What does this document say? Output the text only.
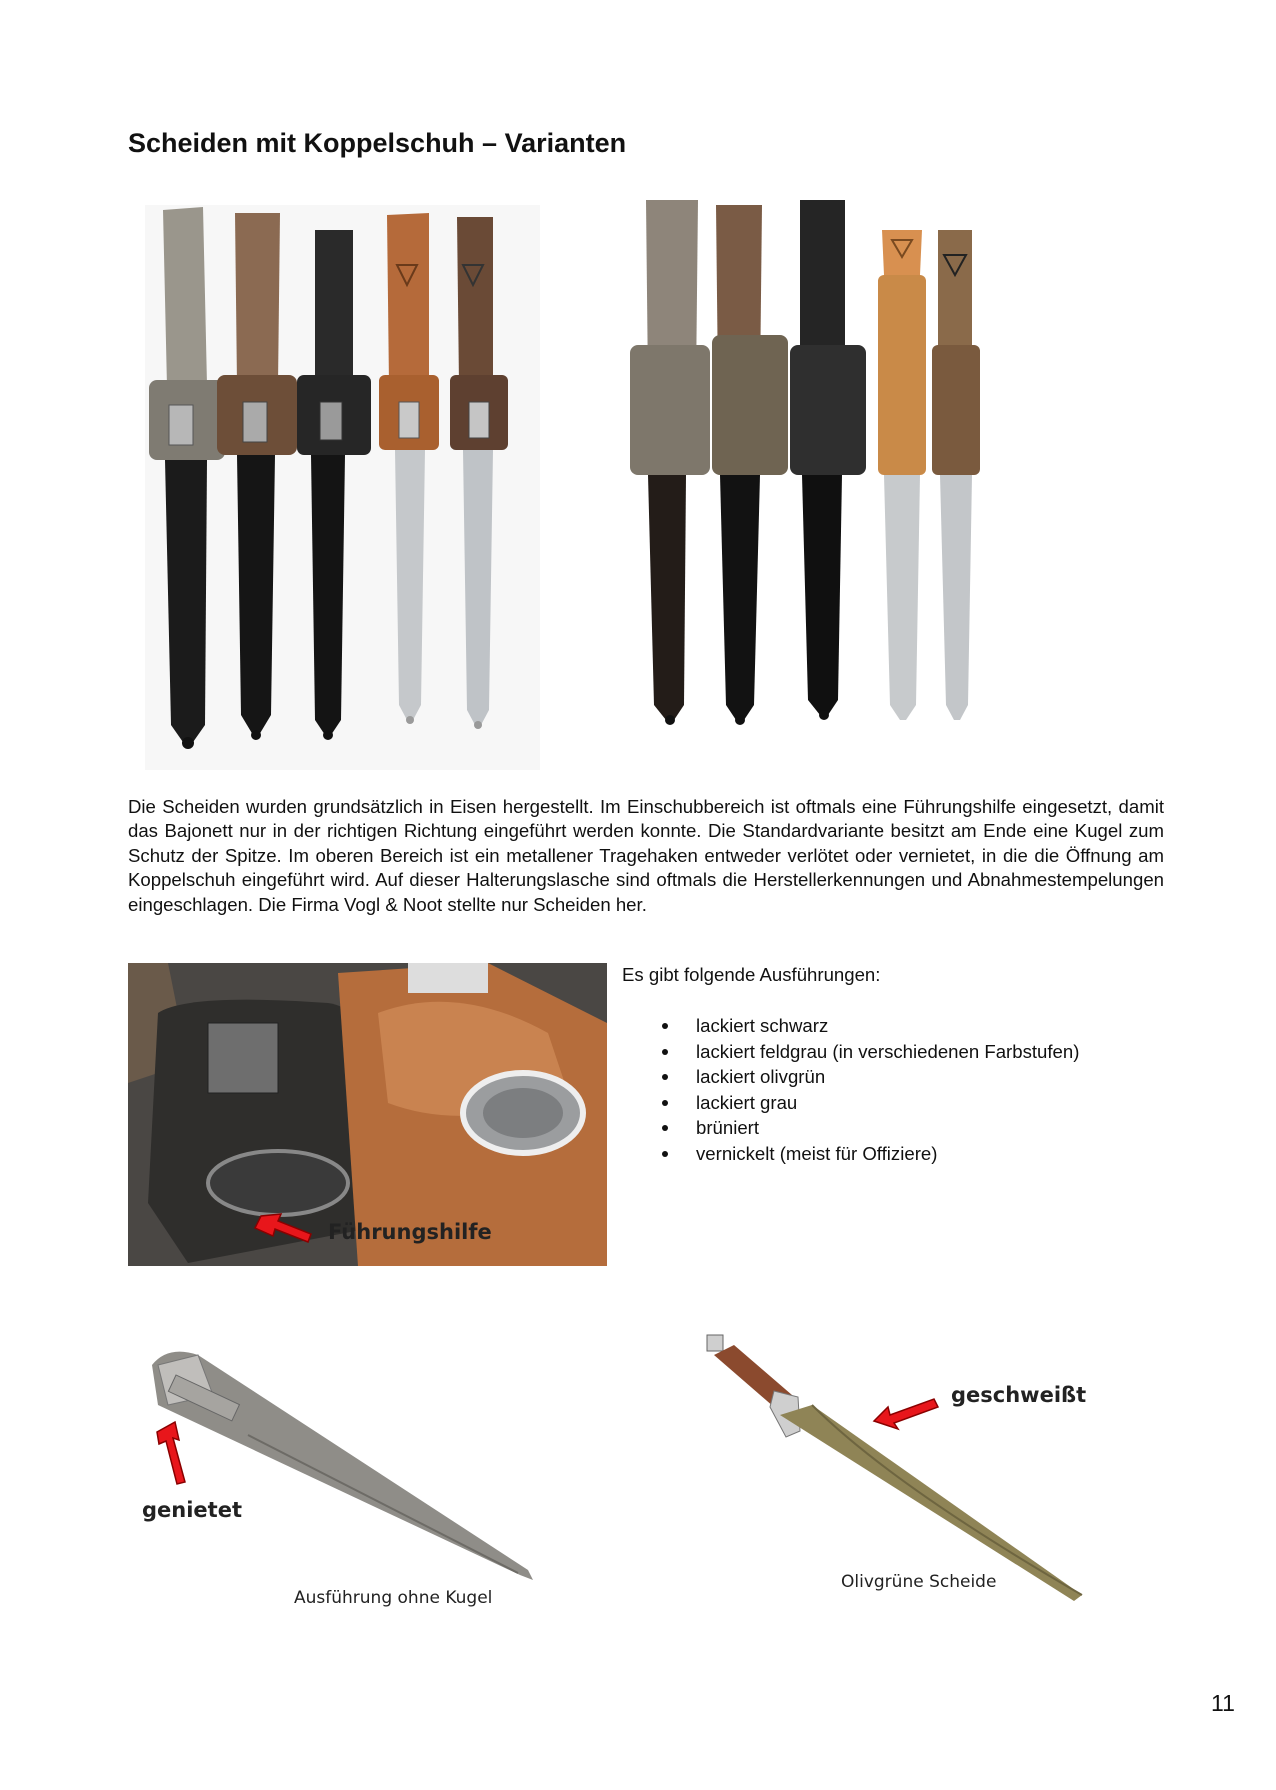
Scheiden mit Koppelschuh – Varianten

Die Scheiden wurden grundsätzlich in Eisen hergestellt. Im Einschubbereich ist oftmals eine Führungshilfe eingesetzt, damit das Bajonett nur in der richtigen Richtung eingeführt werden konnte. Die Standardvariante besitzt am Ende eine Kugel zum Schutz der Spitze. Im oberen Bereich ist ein metallener Tragehaken entweder verlötet oder vernietet, in die die Öffnung am Koppelschuh eingeführt wird. Auf dieser Halterungslasche sind oftmals die Herstellerkennungen und Abnahmestempelungen eingeschlagen. Die Firma Vogl & Noot stellte nur Scheiden her.

Führungshilfe

Es gibt folgende Ausführungen:

lackiert schwarz
lackiert feldgrau (in verschiedenen Farbstufen)
lackiert olivgrün
lackiert grau
brüniert
vernickelt (meist für Offiziere)
genietet
Ausführung ohne Kugel
geschweißt
Olivgrüne Scheide
11
